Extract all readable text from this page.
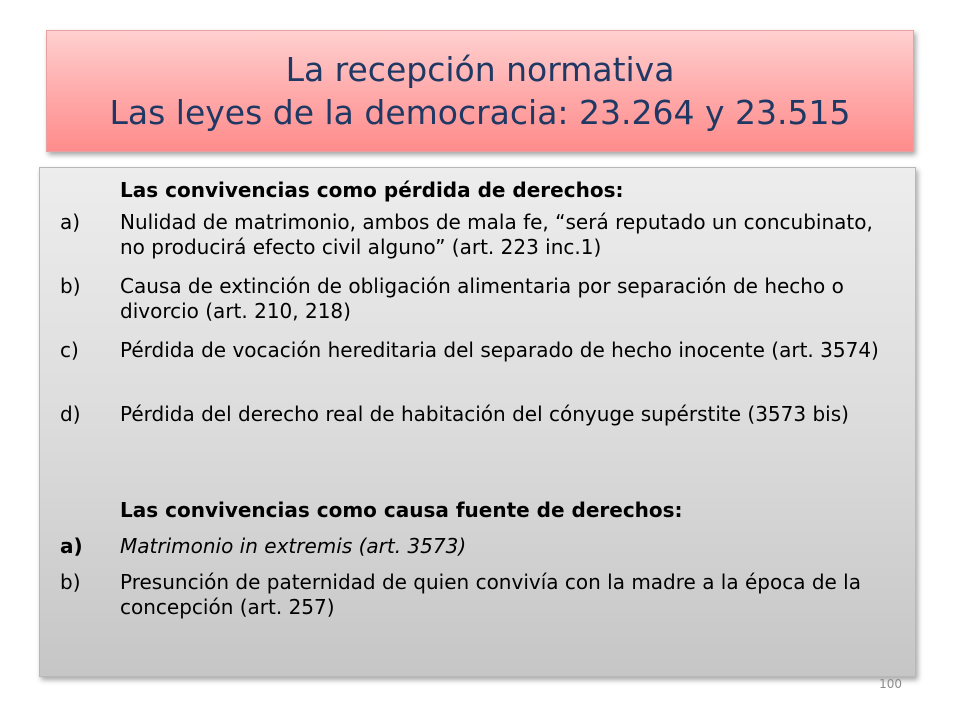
La recepción normativa
Las leyes de la democracia: 23.264 y 23.515
Las convivencias como pérdida de derechos:
a)	Nulidad de matrimonio, ambos de mala fe, “será reputado un concubinato, no producirá efecto civil alguno” (art. 223 inc.1)
b)	Causa de extinción de obligación alimentaria por separación de hecho o divorcio (art. 210, 218)
c)	Pérdida de vocación hereditaria del separado de hecho inocente (art. 3574)
d)	Pérdida del derecho real de habitación del cónyuge supérstite (3573 bis)
Las convivencias como causa fuente de derechos:
a)	Matrimonio in extremis (art. 3573)
b)	Presunción de paternidad de quien convivía con la madre a la época de la concepción (art. 257)
100
